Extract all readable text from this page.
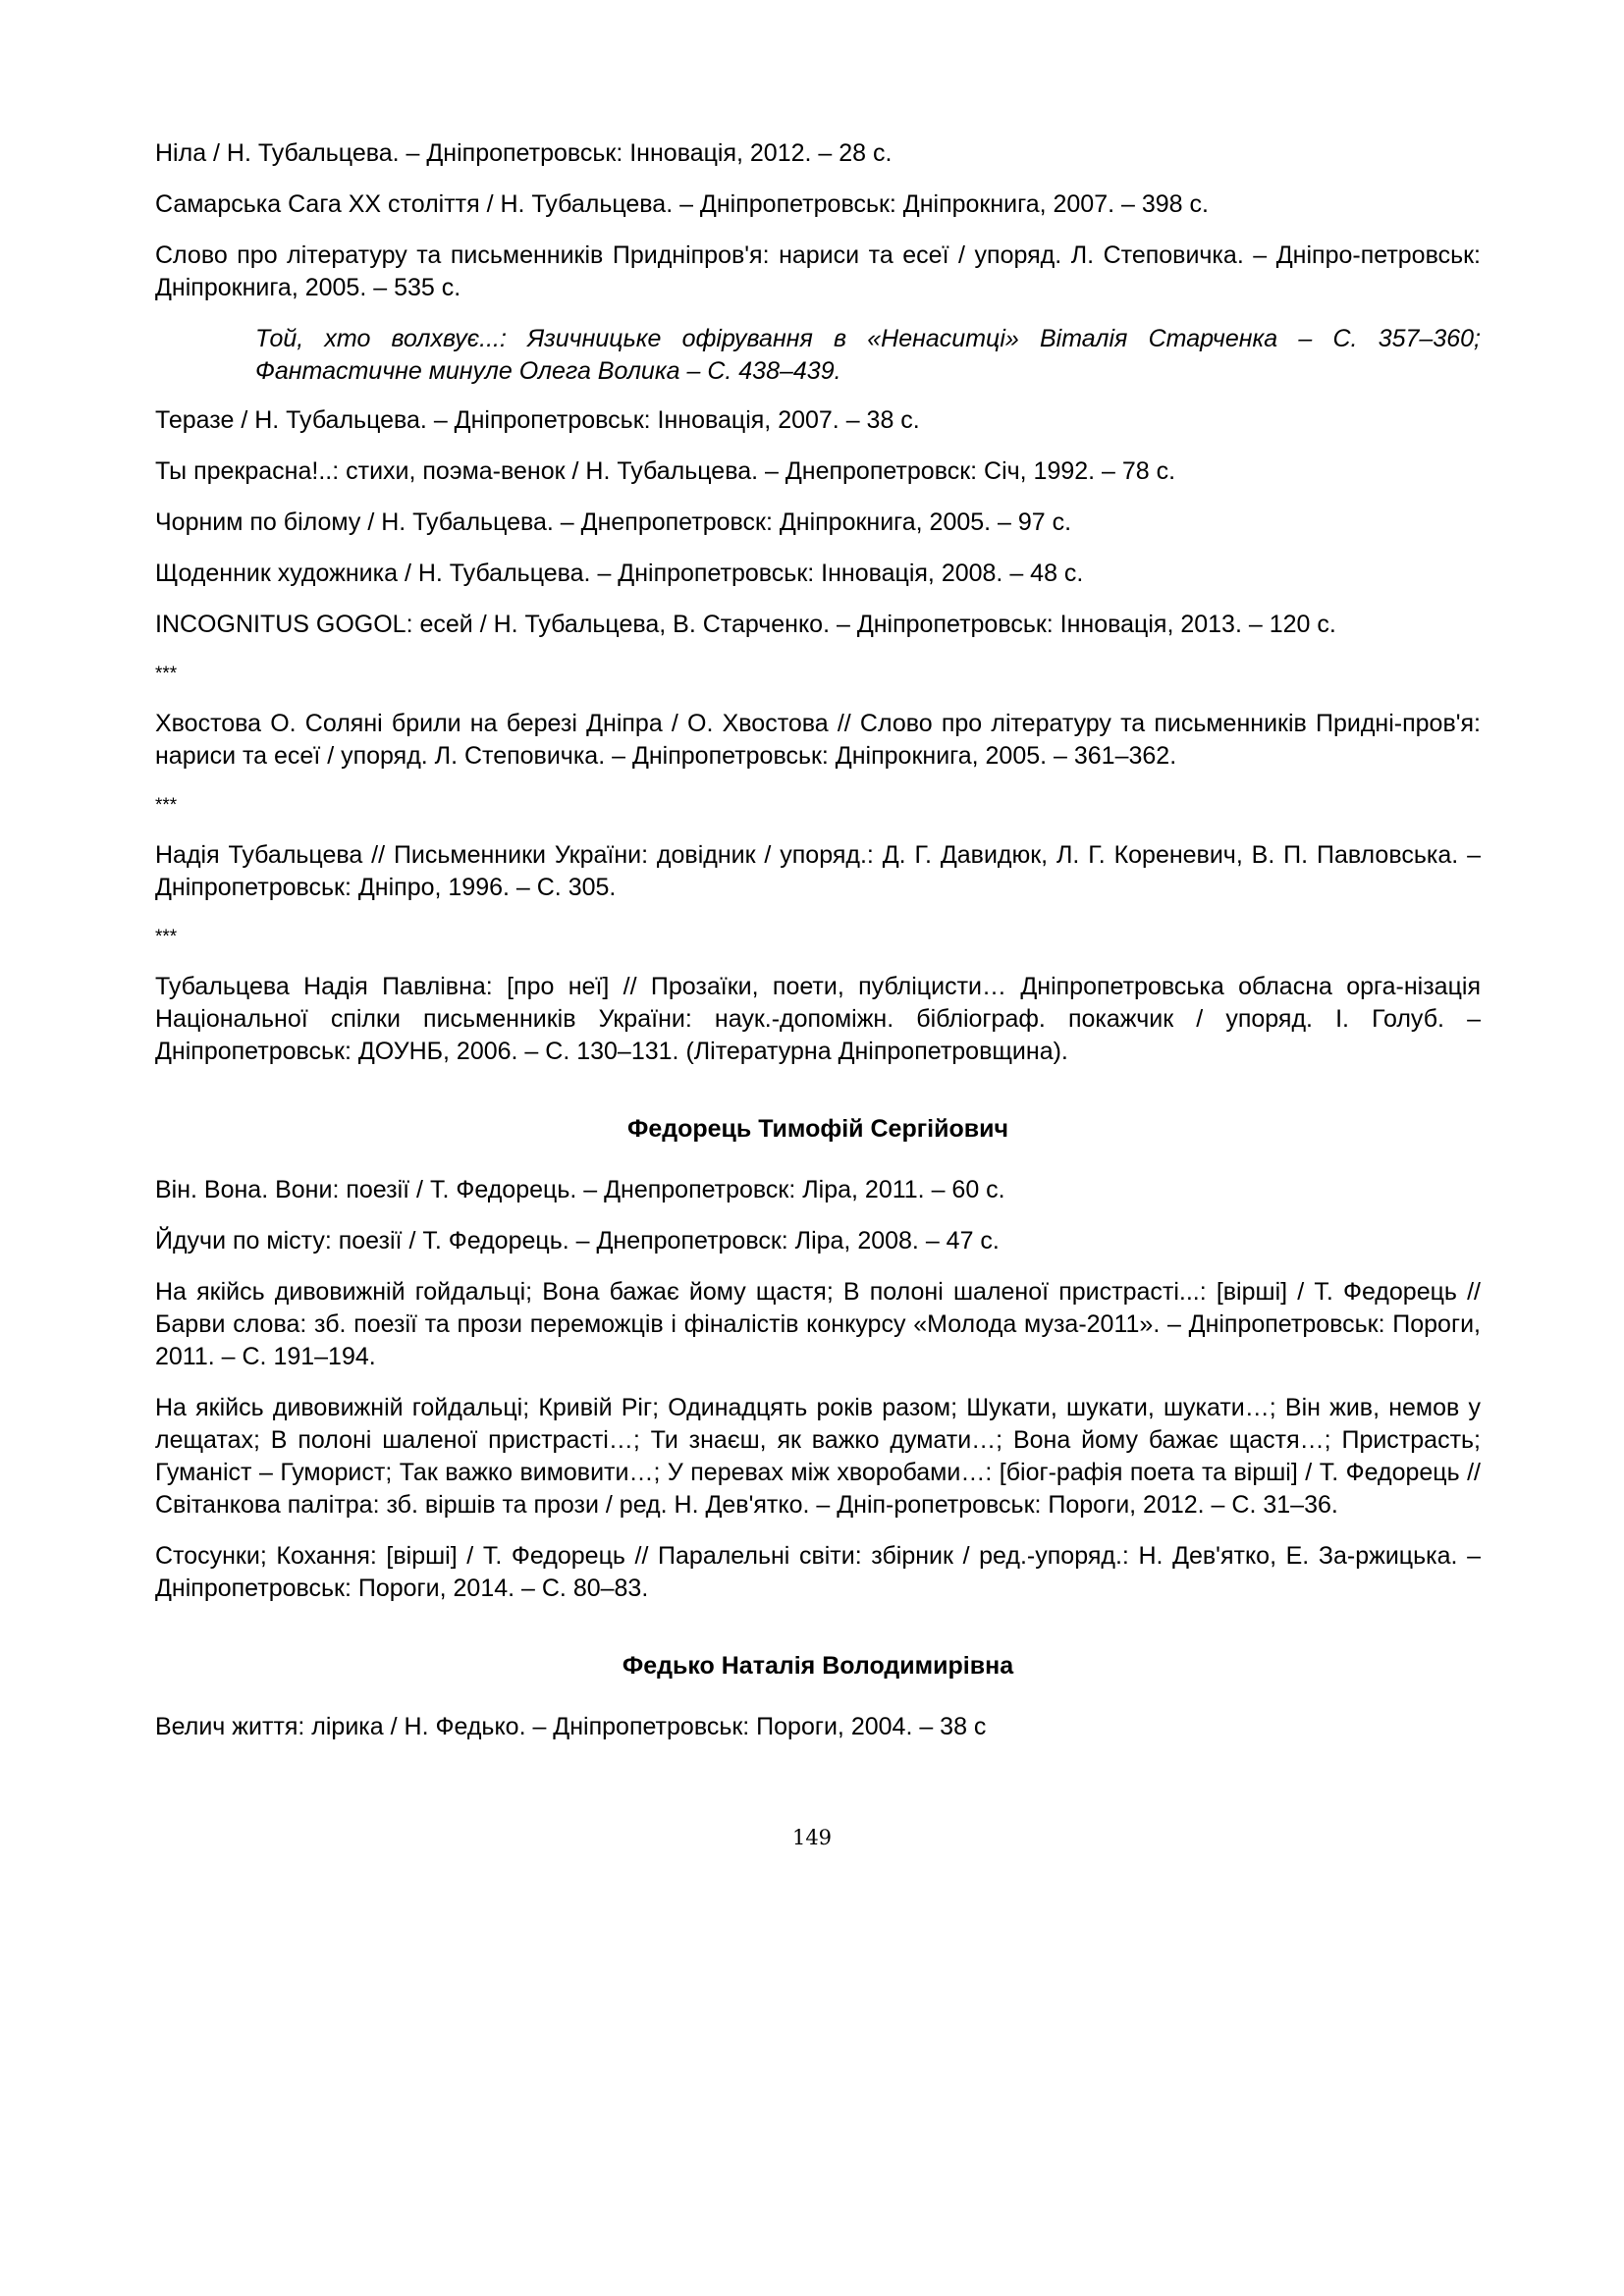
Ніла / Н. Тубальцева. – Дніпропетровськ: Інновація, 2012. – 28 с.

Самарська Сага ХХ століття / Н. Тубальцева. – Дніпропетровськ: Дніпрокнига, 2007. – 398 с.

Слово про літературу та письменників Придніпров'я: нариси та есеї / упоряд. Л. Степовичка. – Дніпро-петровськ: Дніпрокнига, 2005. – 535 с.

Той, хто волхвує...: Язичницьке офірування в «Ненаситці» Віталія Старченка – С. 357–360; Фантастичне минуле Олега Волика – С. 438–439.

Теразе / Н. Тубальцева. – Дніпропетровськ: Інновація, 2007. – 38 с.

Ты прекрасна!..: стихи, поэма-венок / Н. Тубальцева. – Днепропетровск: Січ, 1992. – 78 с.

Чорним по білому / Н. Тубальцева. – Днепропетровск: Дніпрокнига, 2005. – 97 с.

Щоденник художника / Н. Тубальцева. – Дніпропетровськ: Інновація, 2008. – 48 с.

INCOGNITUS GOGOL: есей / Н. Тубальцева, В. Старченко. – Дніпропетровськ: Інновація, 2013. – 120 с.

***

Хвостова О. Соляні брили на березі Дніпра / О. Хвостова // Слово про літературу та письменників Придні-пров'я: нариси та есеї / упоряд. Л. Степовичка. – Дніпропетровськ: Дніпрокнига, 2005. – 361–362.

***

Надія Тубальцева // Письменники України: довідник / упоряд.: Д. Г. Давидюк, Л. Г. Кореневич, В. П. Павловська. – Дніпропетровськ: Дніпро, 1996. – С. 305.

***

Тубальцева Надія Павлівна: [про неї] // Прозаїки, поети, публіцисти… Дніпропетровська обласна орга-нізація Національної спілки письменників України: наук.-допоміжн. бібліограф. покажчик / упоряд. І. Голуб. – Дніпропетровськ: ДОУНБ, 2006. – С. 130–131. (Літературна Дніпропетровщина).

Федорець Тимофій Сергійович

Він. Вона. Вони: поезії / Т. Федорець. – Днепропетровск: Ліра, 2011. – 60 с.

Йдучи по місту: поезії / Т. Федорець. – Днепропетровск: Ліра, 2008. – 47 с.

На якійсь дивовижній гойдальці; Вона бажає йому щастя; В полоні шаленої пристрасті...: [вірші] / Т. Федорець // Барви слова: зб. поезії та прози переможців і фіналістів конкурсу «Молода муза-2011». – Дніпропетровськ: Пороги, 2011. – С. 191–194.

На якійсь дивовижній гойдальці; Кривій Ріг; Одинадцять років разом; Шукати, шукати, шукати…; Він жив, немов у лещатах; В полоні шаленої пристрасті…; Ти знаєш, як важко думати…; Вона йому бажає щастя…; Пристрасть; Гуманіст – Гуморист; Так важко вимовити…; У перевах між хворобами…: [біог-рафія поета та вірші] / Т. Федорець // Світанкова палітра: зб. віршів та прози / ред. Н. Дев'ятко. – Дніп-ропетровськ: Пороги, 2012. – С. 31–36.

Стосунки; Кохання: [вірші] / Т. Федорець // Паралельні світи: збірник / ред.-упоряд.: Н. Дев'ятко, Е. За-ржицька. – Дніпропетровськ: Пороги, 2014. – С. 80–83.

Федько Наталія Володимирівна

Велич життя: лірика / Н. Федько. – Дніпропетровськ: Пороги, 2004. – 38 с

149
